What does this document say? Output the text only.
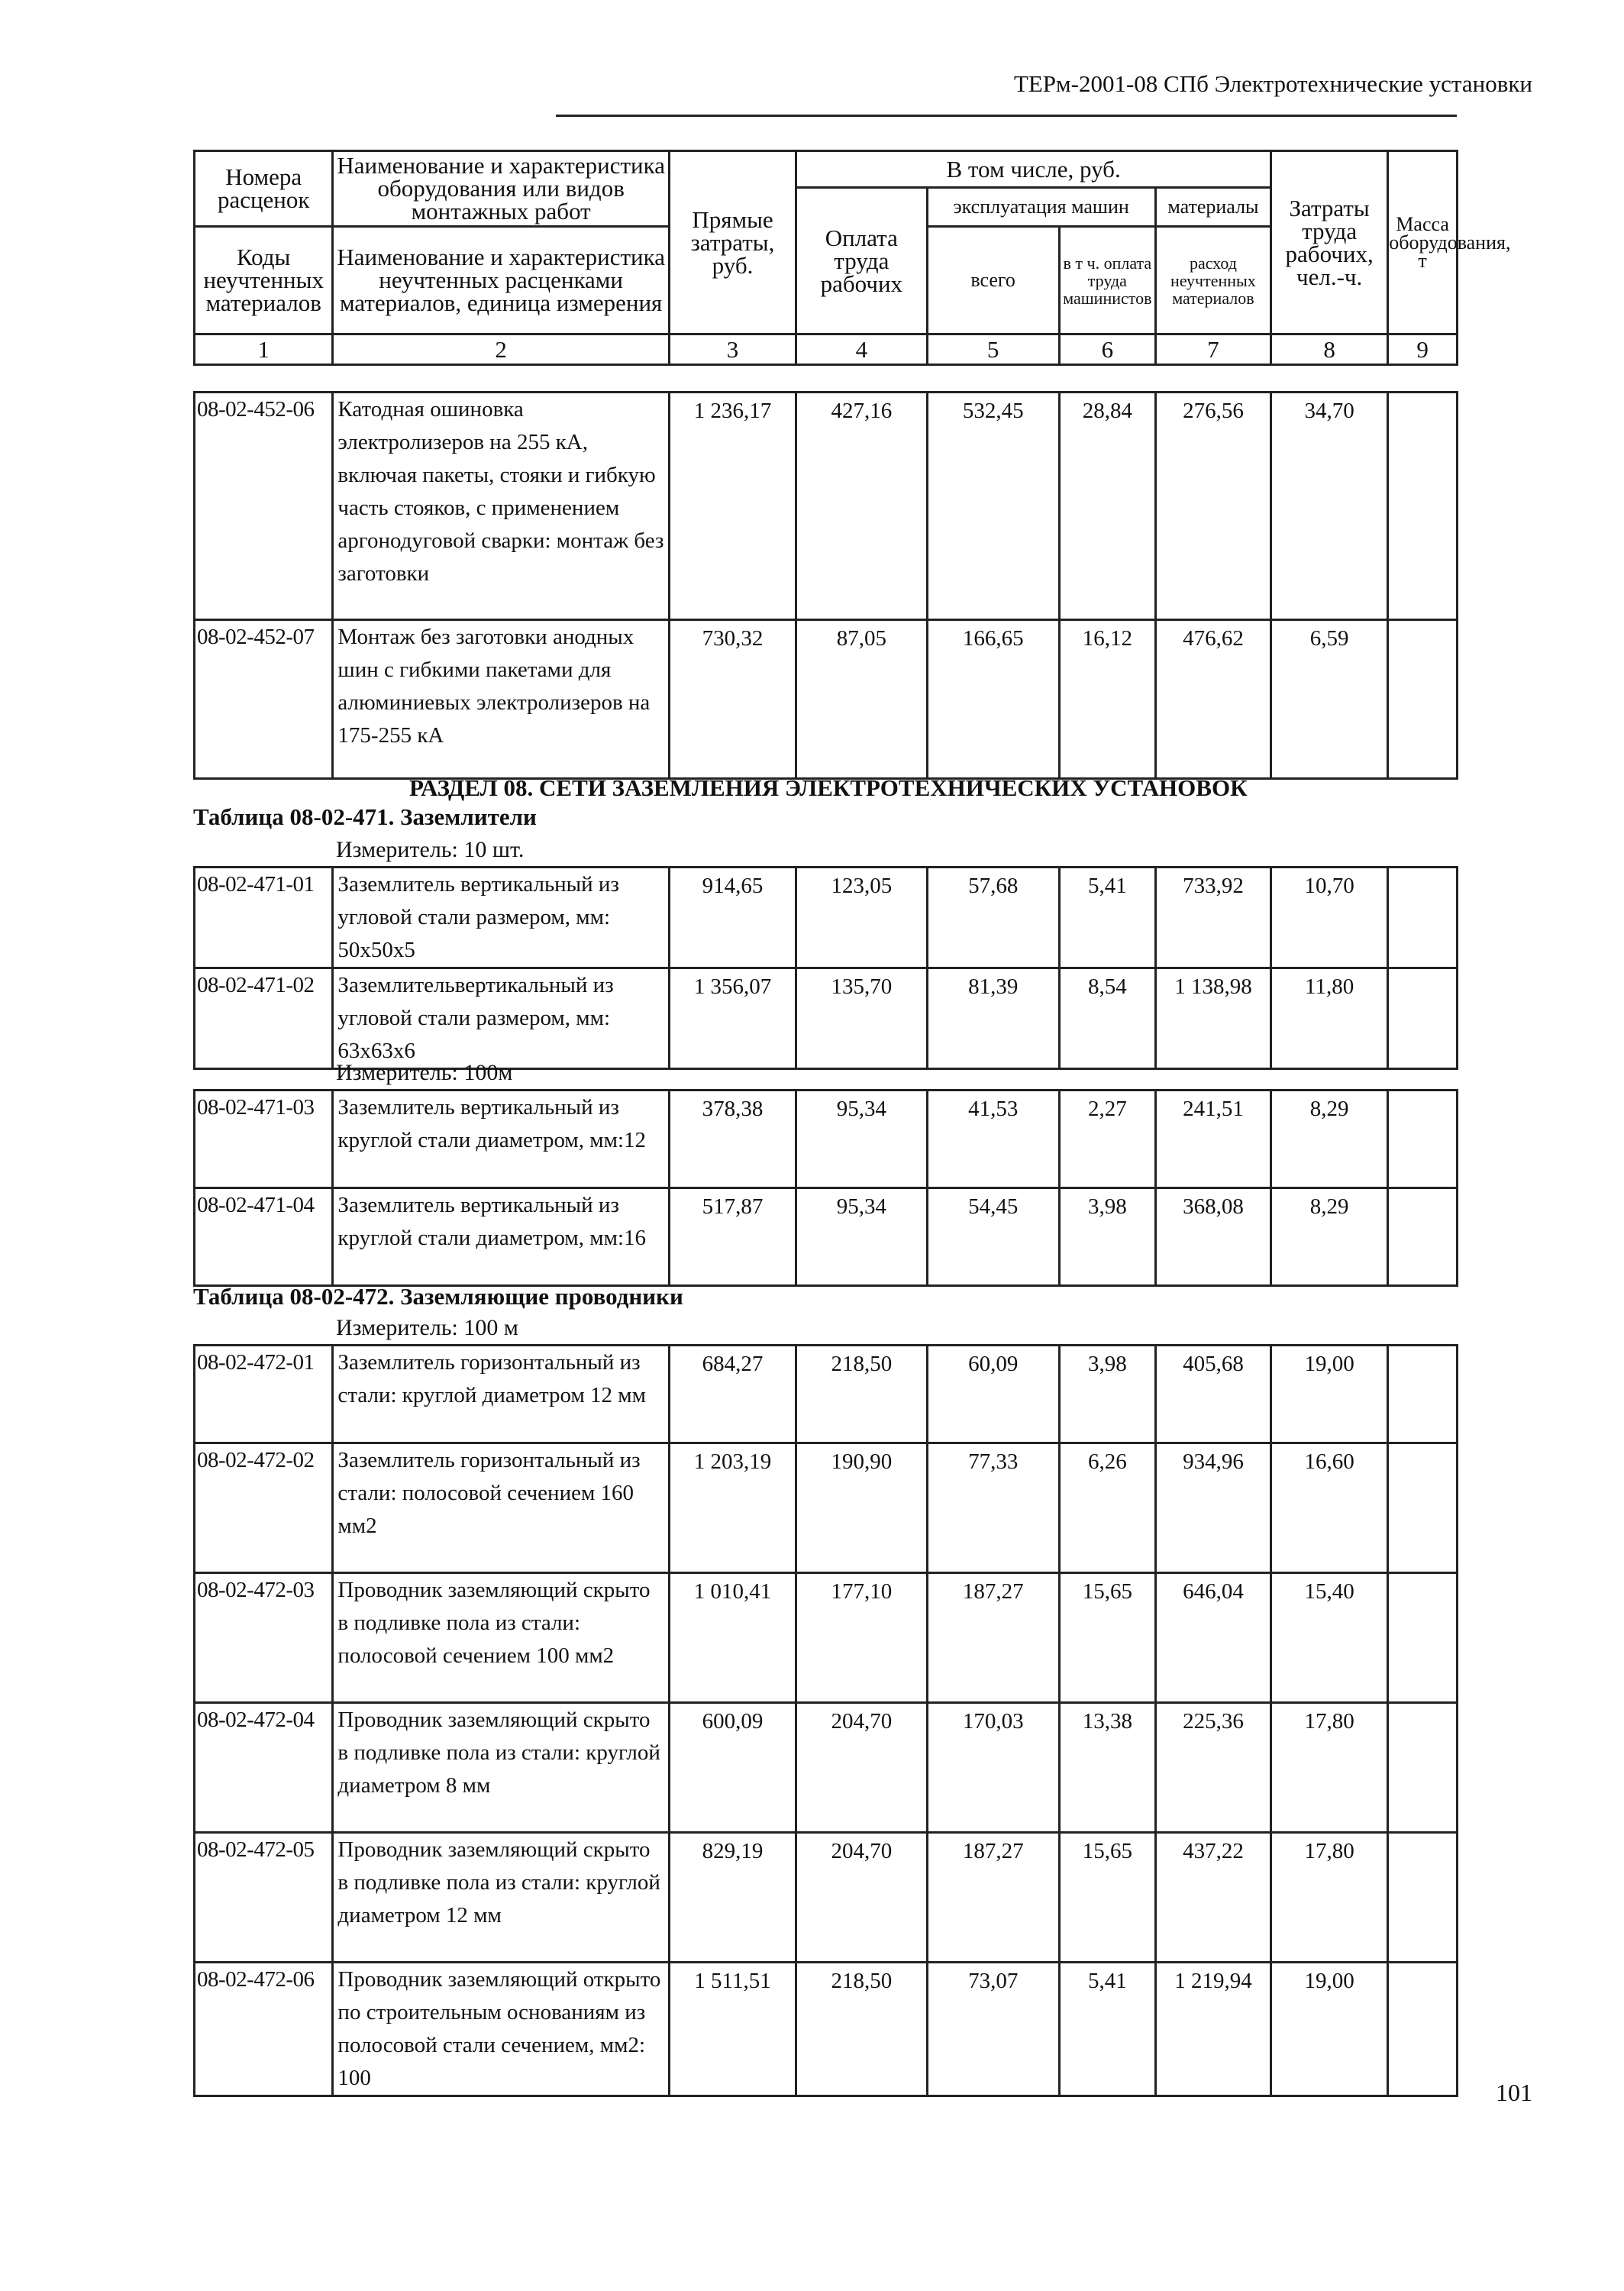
ТЕРм-2001-08 СПб Электротехнические установки
Номера расценок	Наименование и характеристика оборудования или видов монтажных работ	Прямые затраты, руб.	В том числе, руб.				Затраты труда рабочих, чел.-ч.	Масса оборудования, т
			Оплата труда рабочих	эксплуатация машин		материалы		
Коды неучтенных материалов	Наименование и характеристика неучтенных расценками материалов, единица измерения			всего	в т ч. оплата труда машинистов	расход неучтенных материалов		

1	2	3	4	5	6	7	8	9
08-02-452-06	Катодная ошиновка электролизеров на 255 кА, включая пакеты, стояки и гибкую часть стояков, с применением аргонодуговой сварки: монтаж без заготовки	1 236,17	427,16	532,45	28,84	276,56	34,70	
08-02-452-07	Монтаж без заготовки анодных шин с гибкими пакетами для алюминиевых электролизеров на 175-255 кА	730,32	87,05	166,65	16,12	476,62	6,59	
РАЗДЕЛ 08. СЕТИ ЗАЗЕМЛЕНИЯ ЭЛЕКТРОТЕХНИЧЕСКИХ УСТАНОВОК
Таблица 08-02-471. Заземлители
Измеритель: 10 шт.
08-02-471-01	Заземлитель вертикальный из угловой стали размером, мм: 50х50х5	914,65	123,05	57,68	5,41	733,92	10,70	
08-02-471-02	Заземлительвертикальный из угловой стали размером, мм: 63х63х6	1 356,07	135,70	81,39	8,54	1 138,98	11,80	
Измеритель: 100м
08-02-471-03	Заземлитель вертикальный из круглой стали диаметром, мм:12	378,38	95,34	41,53	2,27	241,51	8,29	
08-02-471-04	Заземлитель вертикальный из круглой стали диаметром, мм:16	517,87	95,34	54,45	3,98	368,08	8,29	
Таблица 08-02-472. Заземляющие проводники
Измеритель: 100 м
08-02-472-01	Заземлитель горизонтальный из стали: круглой диаметром 12 мм	684,27	218,50	60,09	3,98	405,68	19,00	
08-02-472-02	Заземлитель горизонтальный из стали: полосовой сечением 160 мм2	1 203,19	190,90	77,33	6,26	934,96	16,60	
08-02-472-03	Проводник заземляющий скрыто в подливке пола из стали: полосовой сечением 100 мм2	1 010,41	177,10	187,27	15,65	646,04	15,40	
08-02-472-04	Проводник заземляющий скрыто в подливке пола из стали: круглой диаметром 8 мм	600,09	204,70	170,03	13,38	225,36	17,80	
08-02-472-05	Проводник заземляющий скрыто в подливке пола из стали: круглой диаметром 12 мм	829,19	204,70	187,27	15,65	437,22	17,80	
08-02-472-06	Проводник заземляющий открыто по строительным основаниям из полосовой стали сечением, мм2: 100	1 511,51	218,50	73,07	5,41	1 219,94	19,00	
101
